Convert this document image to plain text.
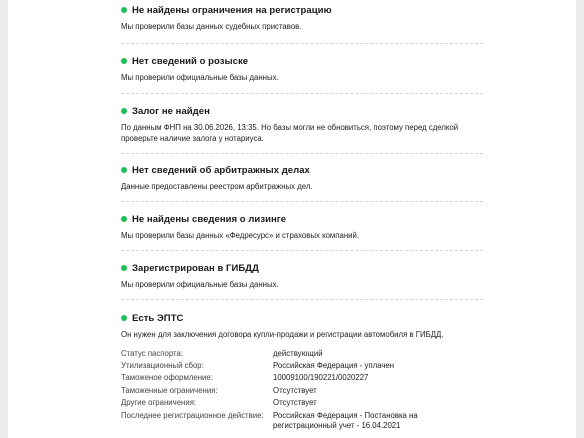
Не найдены ограничения на регистрацию
Мы проверили базы данных судебных приставов.
Нет сведений о розыске
Мы проверили официальные базы данных.
Залог не найден
По данным ФНП на 30.06.2026, 13:35. Но базы могли не обновиться, поэтому перед сделкой проверьте наличие залога у нотариуса.
Нет сведений об арбитражных делах
Данные предоставлены реестром арбитражных дел.
Не найдены сведения о лизинге
Мы проверили базы данных «Федресурс» и страховых компаний.
Зарегистрирован в ГИБДД
Мы проверили официальные базы данных.
Есть ЭПТС
Он нужен для заключения договора купли-продажи и регистрации автомобиля в ГИБДД.
Статус паспорта:	действующий
Утилизационный сбор:	Российская Федерация - уплачен
Таможеное оформление:	10009100/190221/0020227
Таможенные ограничения:	Отсутствует
Другие ограничения:	Отсутствует
Последнее регистрационное действие:	Российская Федерация - Постановка на регистрационный учет - 16.04.2021
